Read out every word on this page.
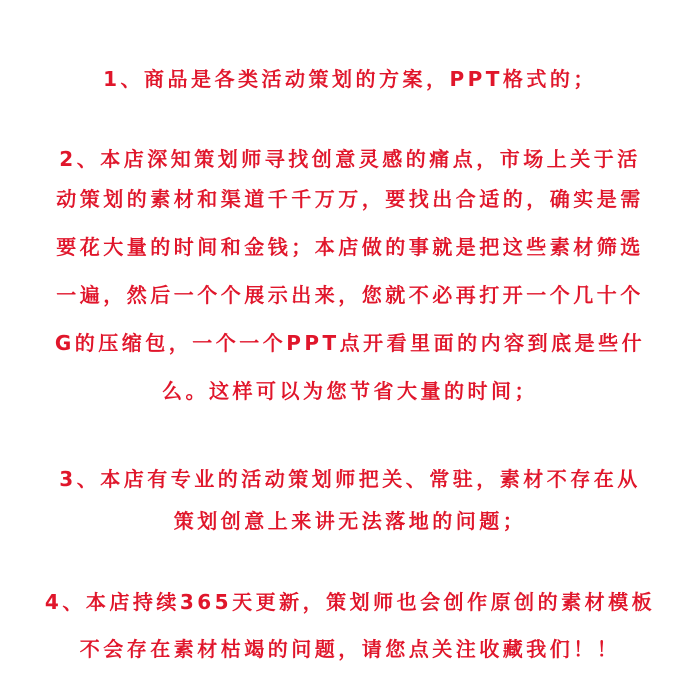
1、商品是各类活动策划的方案，PPT格式的；
2、本店深知策划师寻找创意灵感的痛点，市场上关于活
动策划的素材和渠道千千万万，要找出合适的，确实是需
要花大量的时间和金钱；本店做的事就是把这些素材筛选
一遍，然后一个个展示出来，您就不必再打开一个几十个
G的压缩包，一个一个PPT点开看里面的内容到底是些什
么。这样可以为您节省大量的时间；
3、本店有专业的活动策划师把关、常驻，素材不存在从
策划创意上来讲无法落地的问题；
4、本店持续365天更新，策划师也会创作原创的素材模板
不会存在素材枯竭的问题，请您点关注收藏我们！！
